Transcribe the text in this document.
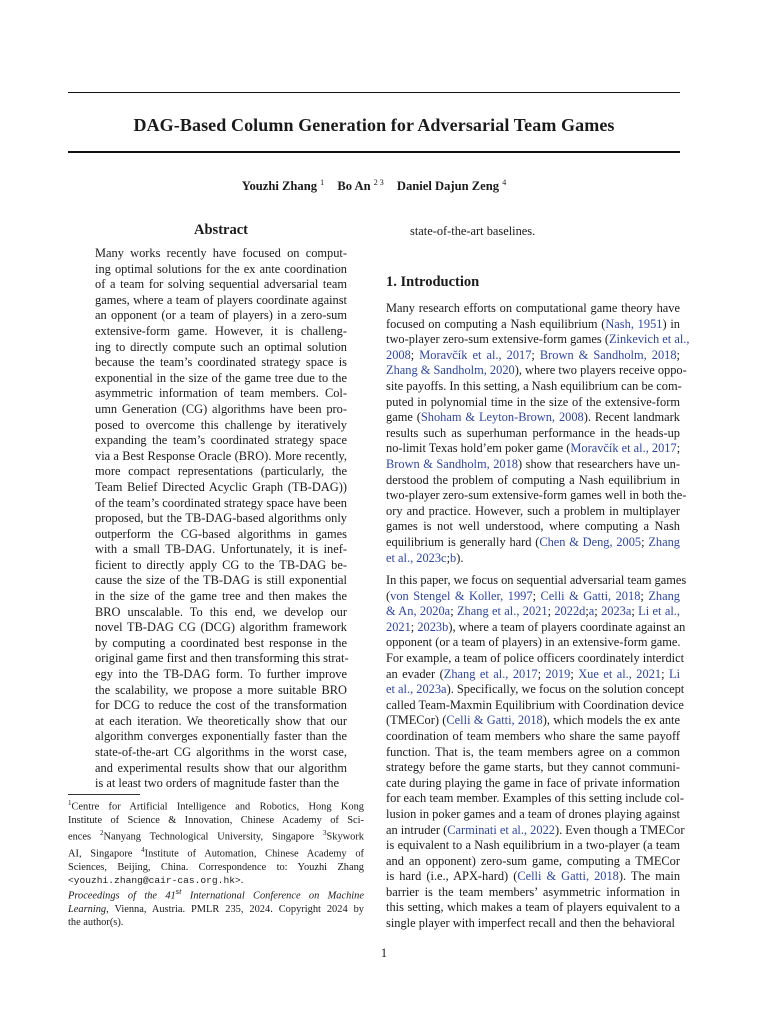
DAG-Based Column Generation for Adversarial Team Games
Youzhi Zhang $^1$ Bo An $^{2 3}$ Daniel Dajun Zeng $^4$
Abstract
Many works recently have focused on comput-
ing optimal solutions for the ex ante coordination
of a team for solving sequential adversarial team
games, where a team of players coordinate against
an opponent (or a team of players) in a zero-sum
extensive-form game. However, it is challeng-
ing to directly compute such an optimal solution
because the team’s coordinated strategy space is
exponential in the size of the game tree due to the
asymmetric information of team members. Col-
umn Generation (CG) algorithms have been pro-
posed to overcome this challenge by iteratively
expanding the team’s coordinated strategy space
via a Best Response Oracle (BRO). More recently,
more compact representations (particularly, the
Team Belief Directed Acyclic Graph (TB-DAG))
of the team’s coordinated strategy space have been
proposed, but the TB-DAG-based algorithms only
outperform the CG-based algorithms in games
with a small TB-DAG. Unfortunately, it is inef-
ficient to directly apply CG to the TB-DAG be-
cause the size of the TB-DAG is still exponential
in the size of the game tree and then makes the
BRO unscalable. To this end, we develop our
novel TB-DAG CG (DCG) algorithm framework
by computing a coordinated best response in the
original game first and then transforming this strat-
egy into the TB-DAG form. To further improve
the scalability, we propose a more suitable BRO
for DCG to reduce the cost of the transformation
at each iteration. We theoretically show that our
algorithm converges exponentially faster than the
state-of-the-art CG algorithms in the worst case,
and experimental results show that our algorithm
is at least two orders of magnitude faster than the
state-of-the-art baselines.
1. Introduction
Many research efforts on computational game theory have
focused on computing a Nash equilibrium (Nash, 1951) in
two-player zero-sum extensive-form games (Zinkevich et al.,
2008; Moravčík et al., 2017; Brown & Sandholm, 2018;
Zhang & Sandholm, 2020), where two players receive oppo-
site payoffs. In this setting, a Nash equilibrium can be com-
puted in polynomial time in the size of the extensive-form
game (Shoham & Leyton-Brown, 2008). Recent landmark
results such as superhuman performance in the heads-up
no-limit Texas hold’em poker game (Moravčík et al., 2017;
Brown & Sandholm, 2018) show that researchers have un-
derstood the problem of computing a Nash equilibrium in
two-player zero-sum extensive-form games well in both the-
ory and practice. However, such a problem in multiplayer
games is not well understood, where computing a Nash
equilibrium is generally hard (Chen & Deng, 2005; Zhang
et al., 2023c;b).
In this paper, we focus on sequential adversarial team games
(von Stengel & Koller, 1997; Celli & Gatti, 2018; Zhang
& An, 2020a; Zhang et al., 2021; 2022d;a; 2023a; Li et al.,
2021; 2023b), where a team of players coordinate against an
opponent (or a team of players) in an extensive-form game.
For example, a team of police officers coordinately interdict
an evader (Zhang et al., 2017; 2019; Xue et al., 2021; Li
et al., 2023a). Specifically, we focus on the solution concept
called Team-Maxmin Equilibrium with Coordination device
(TMECor) (Celli & Gatti, 2018), which models the ex ante
coordination of team members who share the same payoff
function. That is, the team members agree on a common
strategy before the game starts, but they cannot communi-
cate during playing the game in face of private information
for each team member. Examples of this setting include col-
lusion in poker games and a team of drones playing against
an intruder (Carminati et al., 2022). Even though a TMECor
is equivalent to a Nash equilibrium in a two-player (a team
and an opponent) zero-sum game, computing a TMECor
is hard (i.e., APX-hard) (Celli & Gatti, 2018). The main
barrier is the team members’ asymmetric information in
this setting, which makes a team of players equivalent to a
single player with imperfect recall and then the behavioral
$^1$Centre for Artificial Intelligence and Robotics, Hong Kong
Institute of Science & Innovation, Chinese Academy of Sci-
ences $^2$Nanyang Technological University, Singapore $^3$Skywork
AI, Singapore $^4$Institute of Automation, Chinese Academy of
Sciences, Beijing, China. Correspondence to: Youzhi Zhang
<youzhi.zhang@cair-cas.org.hk>.
Proceedings of the 41st International Conference on Machine
Learning, Vienna, Austria. PMLR 235, 2024. Copyright 2024 by
the author(s).
1
